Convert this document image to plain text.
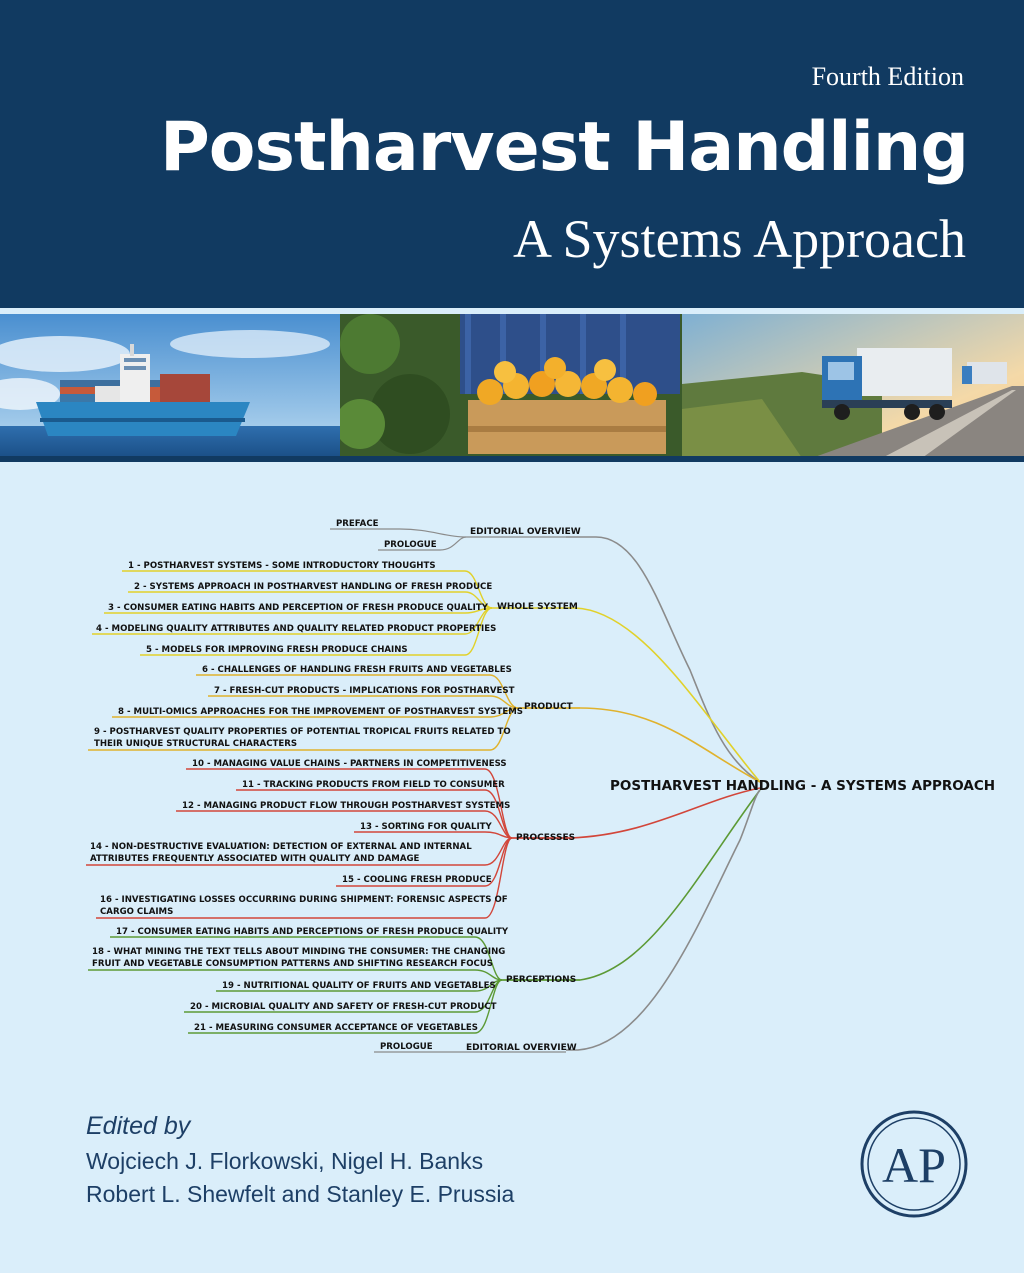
Fourth Edition
Postharvest Handling
A Systems Approach
PREFACE
PROLOGUE
EDITORIAL OVERVIEW
1 - POSTHARVEST SYSTEMS - SOME INTRODUCTORY THOUGHTS
2 - SYSTEMS APPROACH IN POSTHARVEST HANDLING OF FRESH PRODUCE
3 - CONSUMER EATING HABITS AND PERCEPTION OF FRESH PRODUCE QUALITY
4 - MODELING QUALITY ATTRIBUTES AND QUALITY RELATED PRODUCT PROPERTIES
5 - MODELS FOR IMPROVING FRESH PRODUCE CHAINS
WHOLE SYSTEM
6 - CHALLENGES OF HANDLING FRESH FRUITS AND VEGETABLES
7 - FRESH-CUT PRODUCTS - IMPLICATIONS FOR POSTHARVEST
8 - MULTI-OMICS APPROACHES FOR THE IMPROVEMENT OF POSTHARVEST SYSTEMS
9 - POSTHARVEST QUALITY PROPERTIES OF POTENTIAL TROPICAL FRUITS RELATED TO
THEIR UNIQUE STRUCTURAL CHARACTERS
PRODUCT
10 - MANAGING VALUE CHAINS - PARTNERS IN COMPETITIVENESS
11 - TRACKING PRODUCTS FROM FIELD TO CONSUMER
12 - MANAGING PRODUCT FLOW THROUGH POSTHARVEST SYSTEMS
13 - SORTING FOR QUALITY
14 - NON-DESTRUCTIVE EVALUATION: DETECTION OF EXTERNAL AND INTERNAL
ATTRIBUTES FREQUENTLY ASSOCIATED WITH QUALITY AND DAMAGE
15 - COOLING FRESH PRODUCE
16 - INVESTIGATING LOSSES OCCURRING DURING SHIPMENT: FORENSIC ASPECTS OF
CARGO CLAIMS
PROCESSES
17 - CONSUMER EATING HABITS AND PERCEPTIONS OF FRESH PRODUCE QUALITY
18 - WHAT MINING THE TEXT TELLS ABOUT MINDING THE CONSUMER: THE CHANGING
FRUIT AND VEGETABLE CONSUMPTION PATTERNS AND SHIFTING RESEARCH FOCUS
19 - NUTRITIONAL QUALITY OF FRUITS AND VEGETABLES
20 - MICROBIAL QUALITY AND SAFETY OF FRESH-CUT PRODUCT
21 - MEASURING CONSUMER ACCEPTANCE OF VEGETABLES
PERCEPTIONS
PROLOGUE	EDITORIAL OVERVIEW
POSTHARVEST HANDLING - A SYSTEMS APPROACH
Edited by
Wojciech J. Florkowski, Nigel H. Banks
Robert L. Shewfelt and Stanley E. Prussia
AP
